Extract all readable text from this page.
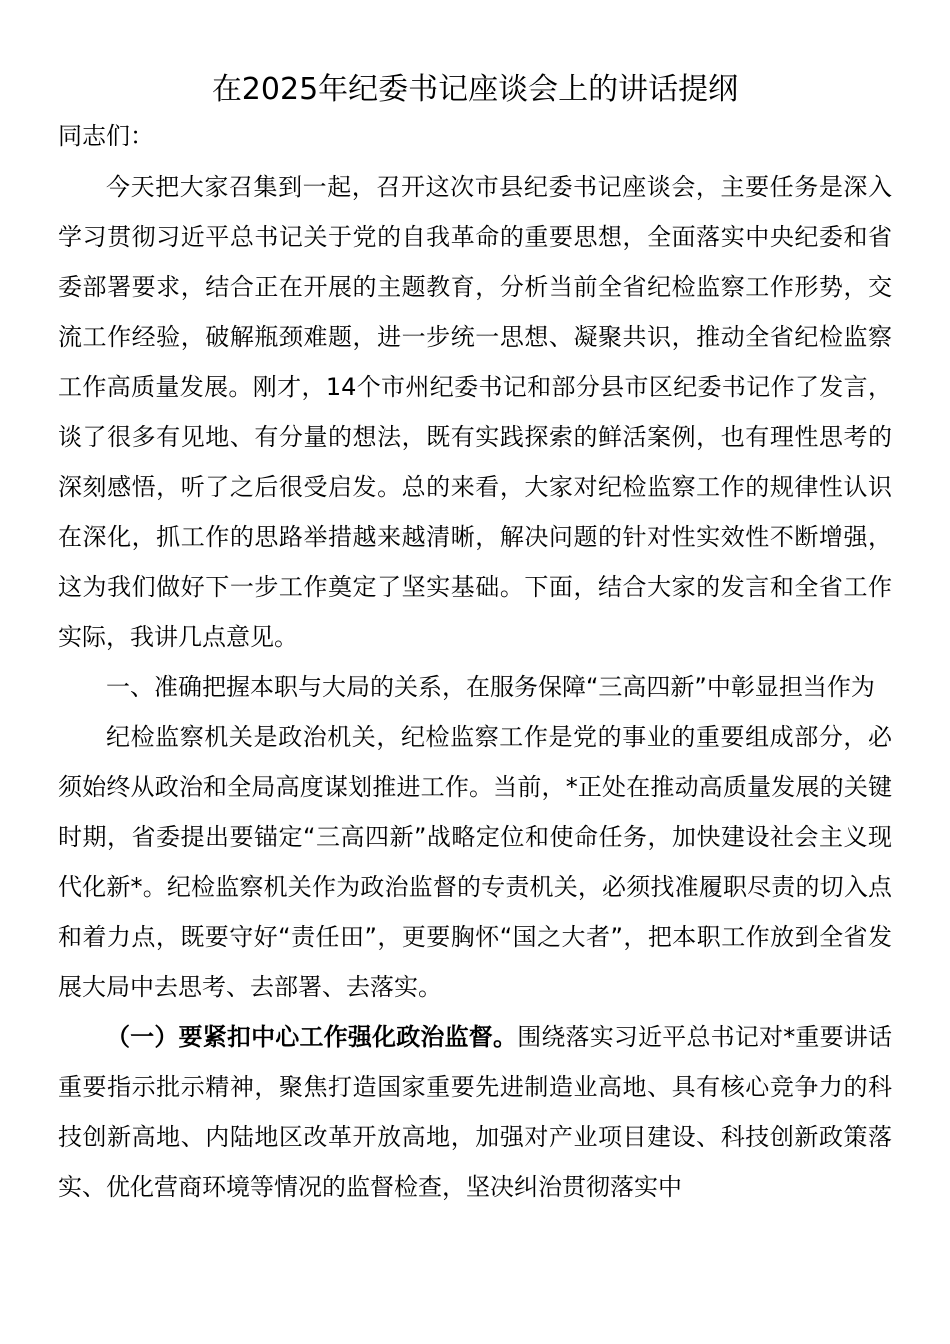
在2025年纪委书记座谈会上的讲话提纲

同志们：

今天把大家召集到一起，召开这次市县纪委书记座谈会，主要任务是深入学习贯彻习近平总书记关于党的自我革命的重要思想，全面落实中央纪委和省委部署要求，结合正在开展的主题教育，分析当前全省纪检监察工作形势，交流工作经验，破解瓶颈难题，进一步统一思想、凝聚共识，推动全省纪检监察工作高质量发展。刚才，14个市州纪委书记和部分县市区纪委书记作了发言，谈了很多有见地、有分量的想法，既有实践探索的鲜活案例，也有理性思考的深刻感悟，听了之后很受启发。总的来看，大家对纪检监察工作的规律性认识在深化，抓工作的思路举措越来越清晰，解决问题的针对性实效性不断增强，这为我们做好下一步工作奠定了坚实基础。下面，结合大家的发言和全省工作实际，我讲几点意见。

一、准确把握本职与大局的关系，在服务保障“三高四新”中彰显担当作为

纪检监察机关是政治机关，纪检监察工作是党的事业的重要组成部分，必须始终从政治和全局高度谋划推进工作。当前，*正处在推动高质量发展的关键时期，省委提出要锚定“三高四新”战略定位和使命任务，加快建设社会主义现代化新*。纪检监察机关作为政治监督的专责机关，必须找准履职尽责的切入点和着力点，既要守好“责任田”，更要胸怀“国之大者”，把本职工作放到全省发展大局中去思考、去部署、去落实。

（一）要紧扣中心工作强化政治监督。围绕落实习近平总书记对*重要讲话重要指示批示精神，聚焦打造国家重要先进制造业高地、具有核心竞争力的科技创新高地、内陆地区改革开放高地，加强对产业项目建设、科技创新政策落实、优化营商环境等情况的监督检查，坚决纠治贯彻落实中
